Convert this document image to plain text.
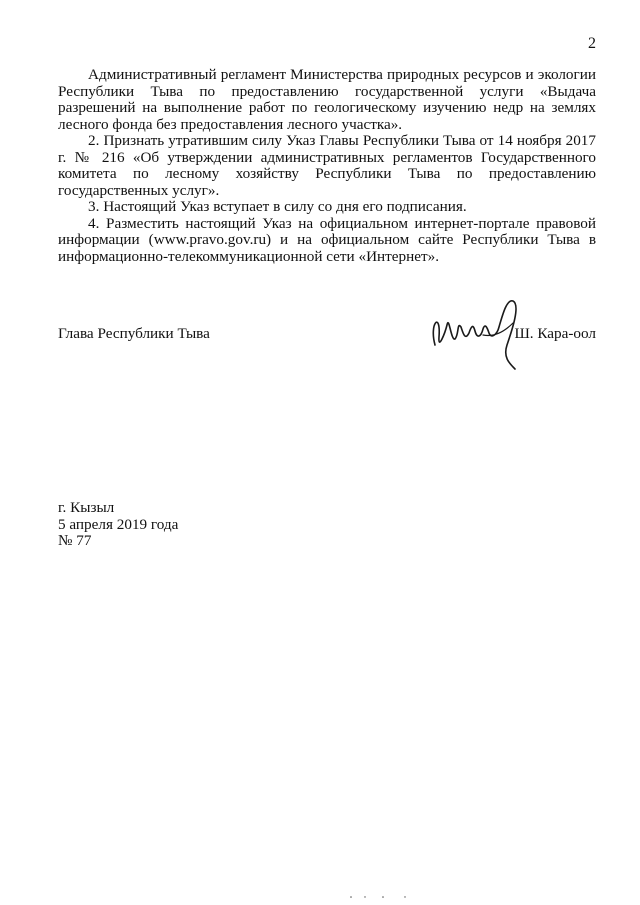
2

Административный регламент Министерства природных ресурсов и экологии Республики Тыва по предоставлению государственной услуги «Выдача разрешений на выполнение работ по геологическому изучению недр на землях лесного фонда без предоставления лесного участка».

2. Признать утратившим силу Указ Главы Республики Тыва от 14 ноября 2017 г. № 216 «Об утверждении административных регламентов Государственного комитета по лесному хозяйству Республики Тыва по предоставлению государственных услуг».

3. Настоящий Указ вступает в силу со дня его подписания.

4. Разместить настоящий Указ на официальном интернет-портале правовой информации (www.pravo.gov.ru) и на официальном сайте Республики Тыва в информационно-телекоммуникационной сети «Интернет».

Глава Республики Тыва	Ш. Кара-оол
г. Кызыл
5 апреля 2019 года
№ 77
